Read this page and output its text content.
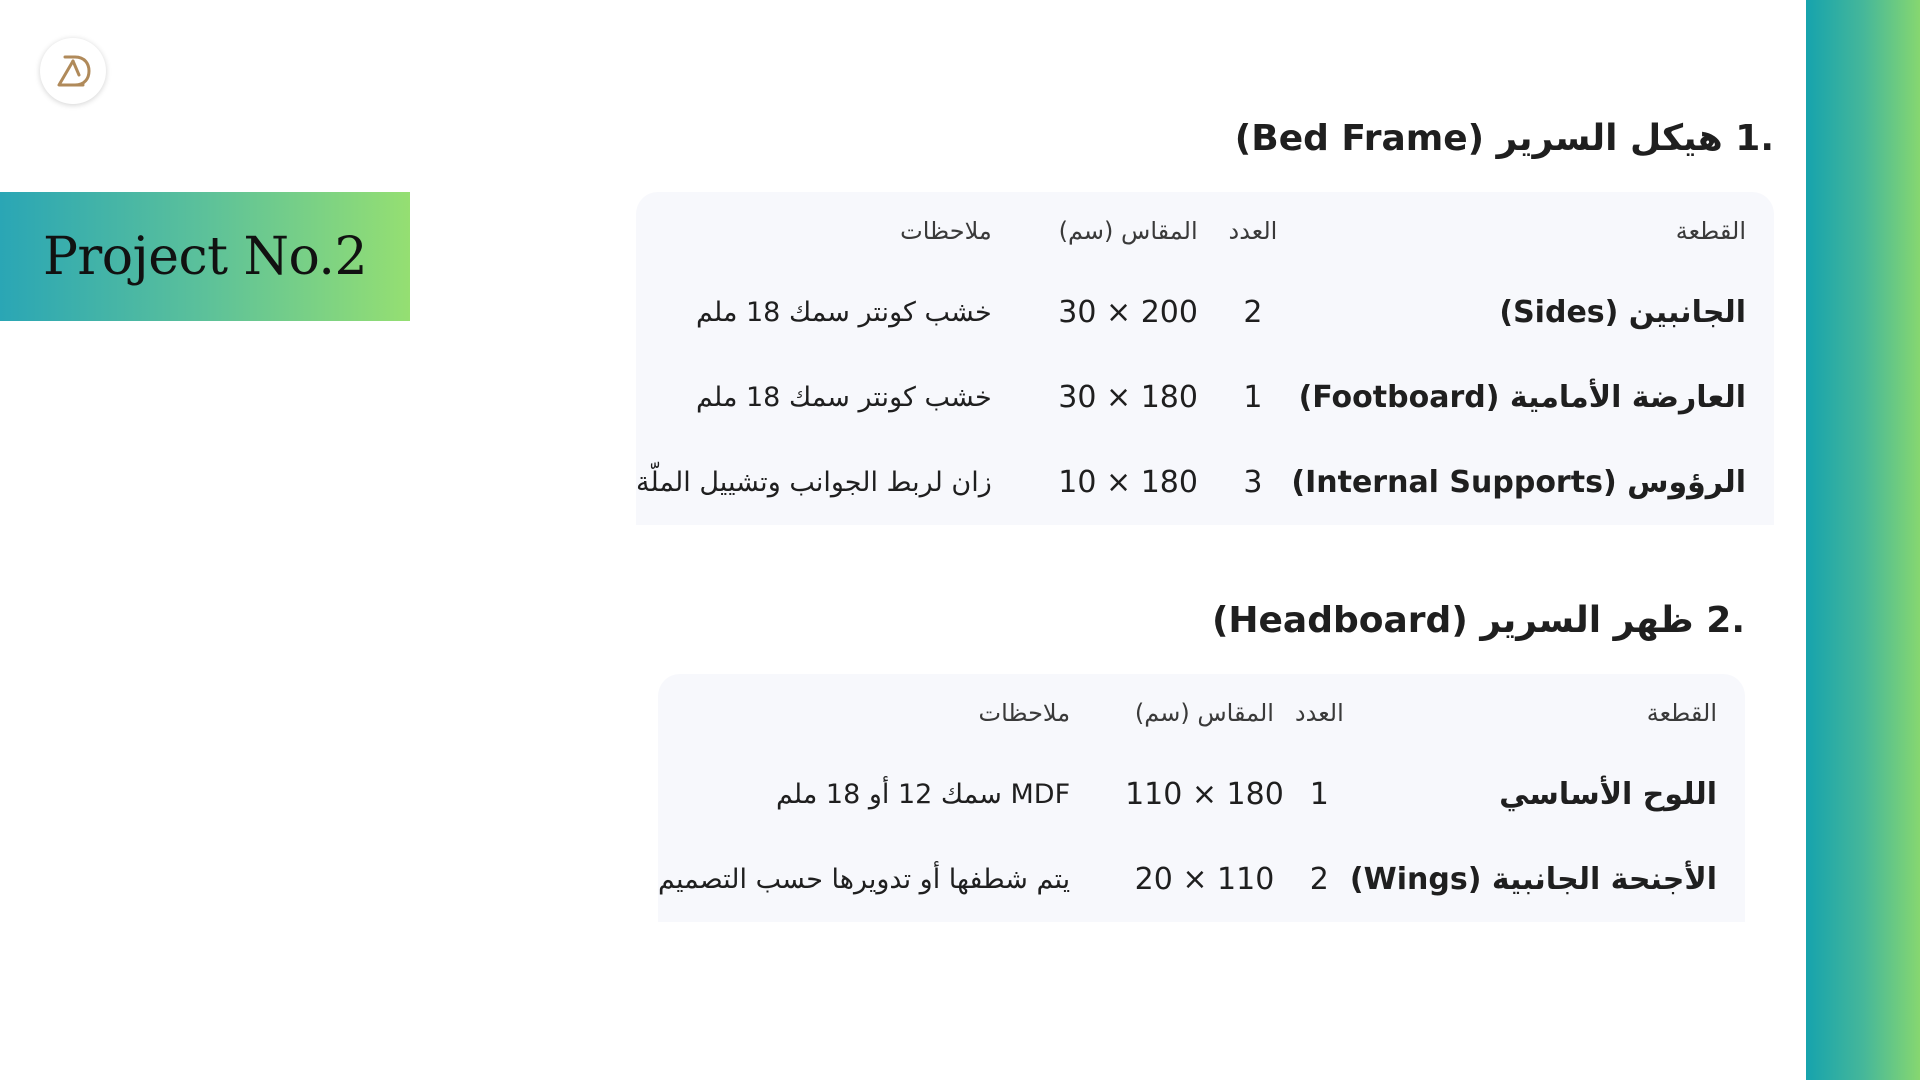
Project No.2
.1 هيكل السرير (Bed Frame)
القطعة	العدد	المقاس (سم)	ملاحظات
الجانبين (Sides)	2	200 × 30	خشب كونتر سمك 18 ملم
العارضة الأمامية (Footboard)	1	180 × 30	خشب كونتر سمك 18 ملم
الرؤوس (Internal Supports)	3	180 × 10	زان لربط الجوانب وتشييل الملّة
.2 ظهر السرير (Headboard)
القطعة	العدد	المقاس (سم)	ملاحظات
اللوح الأساسي	1	180 × 110	MDF سمك 12 أو 18 ملم
الأجنحة الجانبية (Wings)	2	110 × 20	يتم شطفها أو تدويرها حسب التصميم
